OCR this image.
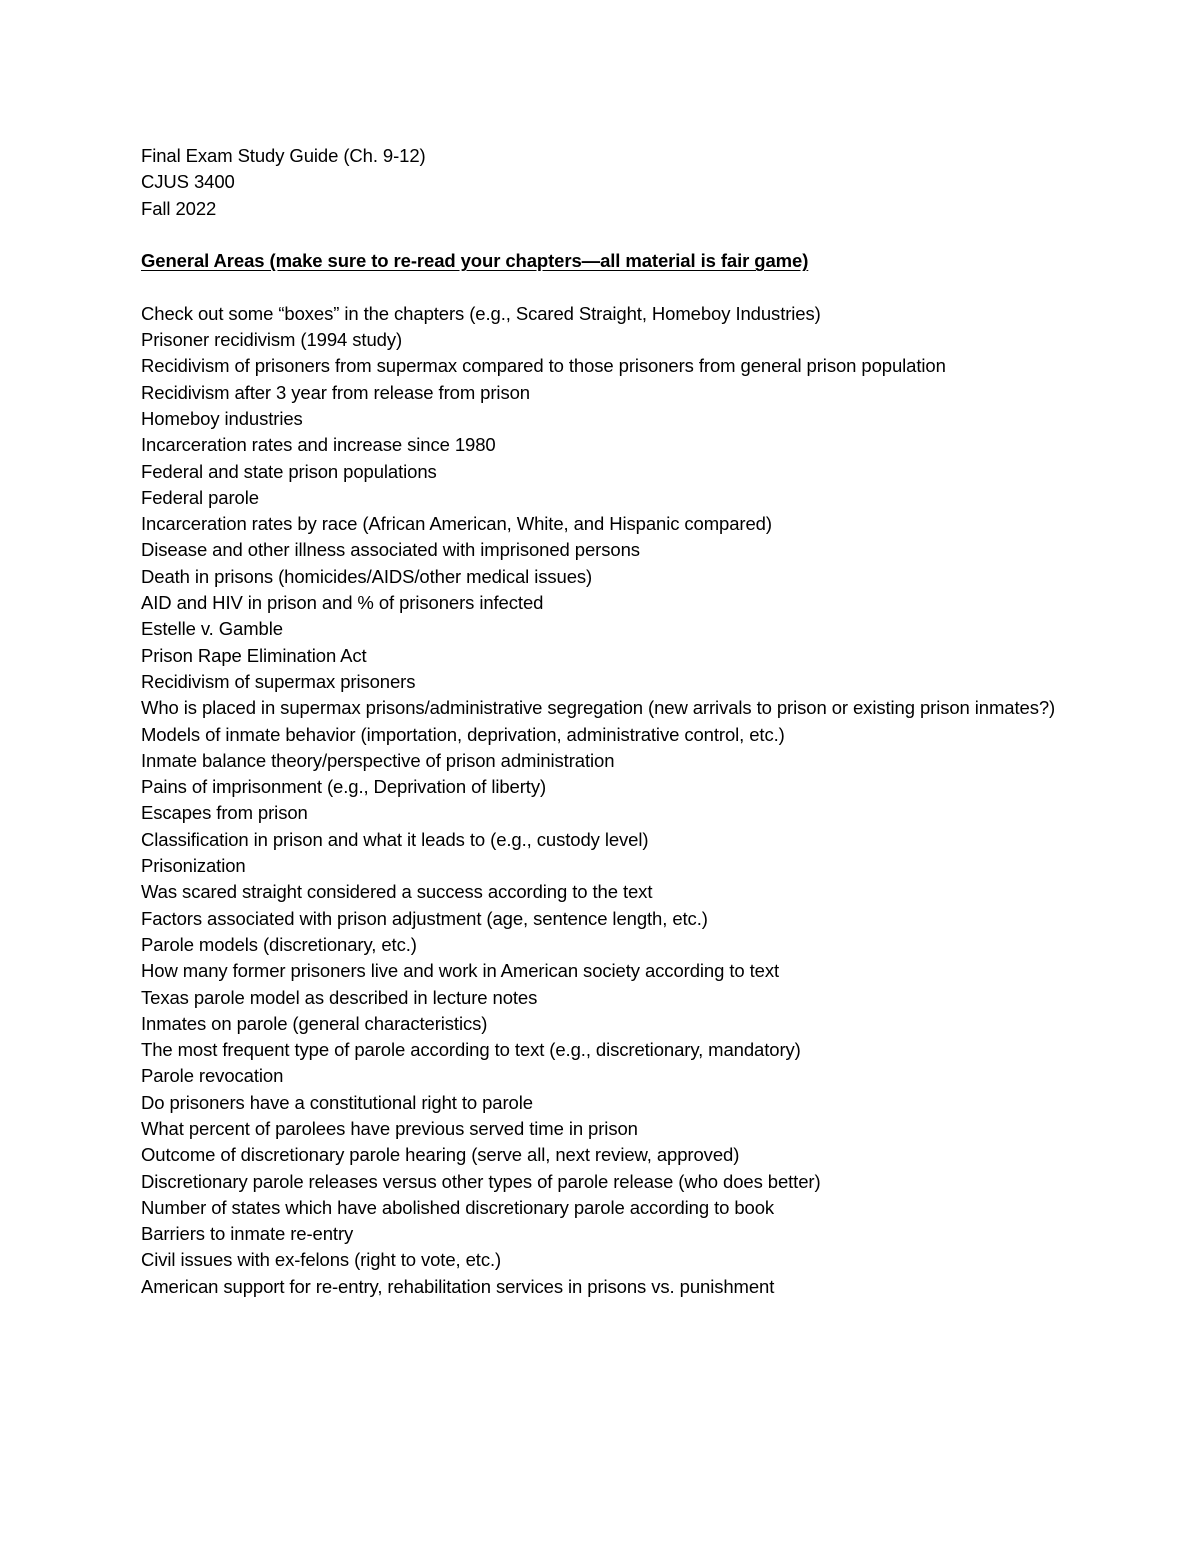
Final Exam Study Guide (Ch. 9-12)
CJUS 3400
Fall 2022
General Areas (make sure to re-read your chapters—all material is fair game)
Check out some “boxes” in the chapters (e.g., Scared Straight, Homeboy Industries)
Prisoner recidivism (1994 study)
Recidivism of prisoners from supermax compared to those prisoners from general prison population
Recidivism after 3 year from release from prison
Homeboy industries
Incarceration rates and increase since 1980
Federal and state prison populations
Federal parole
Incarceration rates by race (African American, White, and Hispanic compared)
Disease and other illness associated with imprisoned persons
Death in prisons (homicides/AIDS/other medical issues)
AID and HIV in prison and % of prisoners infected
Estelle v. Gamble
Prison Rape Elimination Act
Recidivism of supermax prisoners
Who is placed in supermax prisons/administrative segregation (new arrivals to prison or existing prison inmates?)
Models of inmate behavior (importation, deprivation, administrative control, etc.)
Inmate balance theory/perspective of prison administration
Pains of imprisonment (e.g., Deprivation of liberty)
Escapes from prison
Classification in prison and what it leads to (e.g., custody level)
Prisonization
Was scared straight considered a success according to the text
Factors associated with prison adjustment (age, sentence length, etc.)
Parole models (discretionary, etc.)
How many former prisoners live and work in American society according to text
Texas parole model as described in lecture notes
Inmates on parole (general characteristics)
The most frequent type of parole according to text (e.g., discretionary, mandatory)
Parole revocation
Do prisoners have a constitutional right to parole
What percent of parolees have previous served time in prison
Outcome of discretionary parole hearing (serve all, next review, approved)
Discretionary parole releases versus other types of parole release (who does better)
Number of states which have abolished discretionary parole according to book
Barriers to inmate re-entry
Civil issues with ex-felons (right to vote, etc.)
American support for re-entry, rehabilitation services in prisons vs. punishment
